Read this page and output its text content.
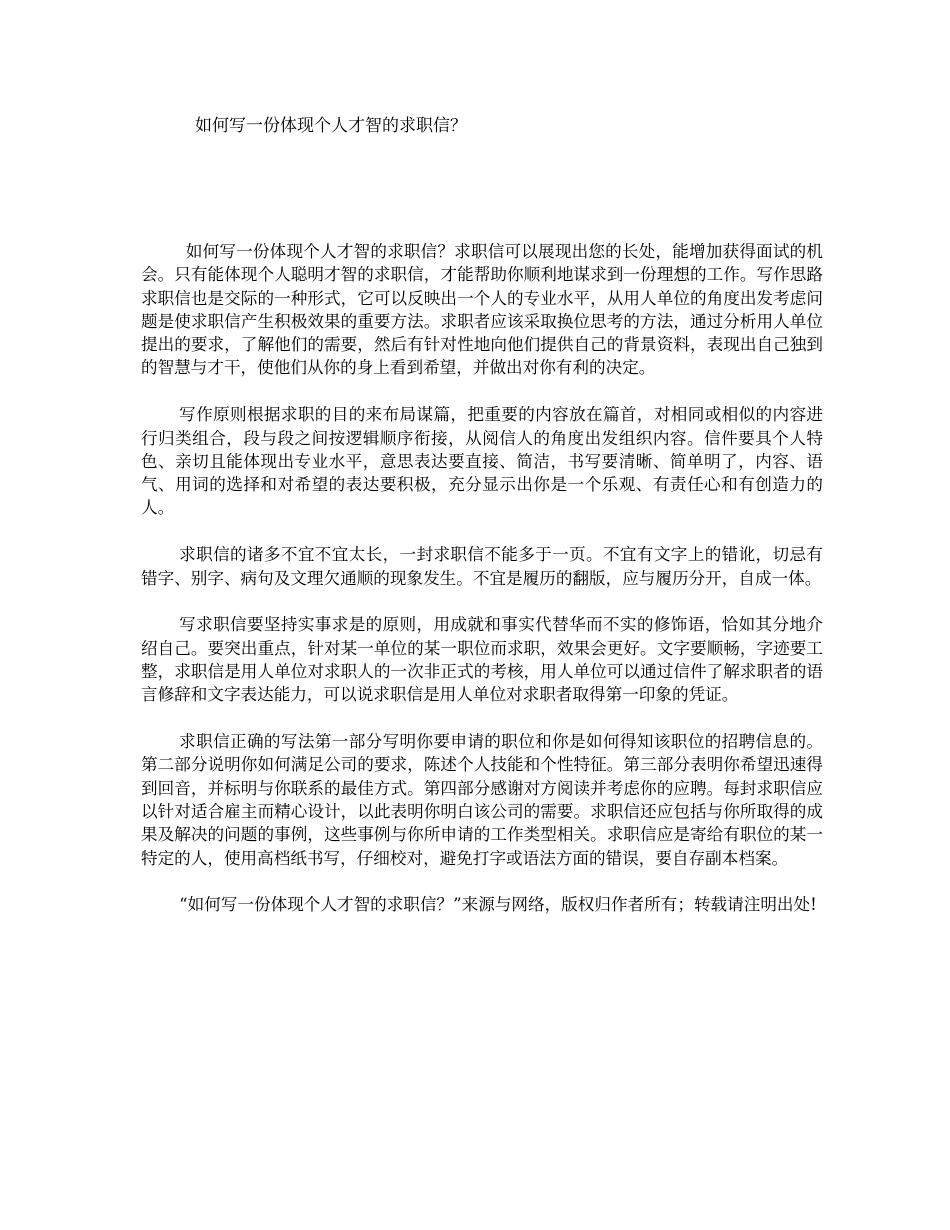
如何写一份体现个人才智的求职信？

如何写一份体现个人才智的求职信？求职信可以展现出您的长处，能增加获得面试的机会。只有能体现个人聪明才智的求职信，才能帮助你顺利地谋求到一份理想的工作。写作思路求职信也是交际的一种形式，它可以反映出一个人的专业水平，从用人单位的角度出发考虑问题是使求职信产生积极效果的重要方法。求职者应该采取换位思考的方法，通过分析用人单位提出的要求，了解他们的需要，然后有针对性地向他们提供自己的背景资料，表现出自己独到的智慧与才干，使他们从你的身上看到希望，并做出对你有利的决定。

写作原则根据求职的目的来布局谋篇，把重要的内容放在篇首，对相同或相似的内容进行归类组合，段与段之间按逻辑顺序衔接，从阅信人的角度出发组织内容。信件要具个人特色、亲切且能体现出专业水平，意思表达要直接、简洁，书写要清晰、简单明了，内容、语气、用词的选择和对希望的表达要积极，充分显示出你是一个乐观、有责任心和有创造力的人。

求职信的诸多不宜不宜太长，一封求职信不能多于一页。不宜有文字上的错讹，切忌有错字、别字、病句及文理欠通顺的现象发生。不宜是履历的翻版，应与履历分开，自成一体。

写求职信要坚持实事求是的原则，用成就和事实代替华而不实的修饰语，恰如其分地介绍自己。要突出重点，针对某一单位的某一职位而求职，效果会更好。文字要顺畅，字迹要工整，求职信是用人单位对求职人的一次非正式的考核，用人单位可以通过信件了解求职者的语言修辞和文字表达能力，可以说求职信是用人单位对求职者取得第一印象的凭证。

求职信正确的写法第一部分写明你要申请的职位和你是如何得知该职位的招聘信息的。第二部分说明你如何满足公司的要求，陈述个人技能和个性特征。第三部分表明你希望迅速得到回音，并标明与你联系的最佳方式。第四部分感谢对方阅读并考虑你的应聘。每封求职信应以针对适合雇主而精心设计，以此表明你明白该公司的需要。求职信还应包括与你所取得的成果及解决的问题的事例，这些事例与你所申请的工作类型相关。求职信应是寄给有职位的某一特定的人，使用高档纸书写，仔细校对，避免打字或语法方面的错误，要自存副本档案。

“如何写一份体现个人才智的求职信？”来源与网络，版权归作者所有；转载请注明出处!
